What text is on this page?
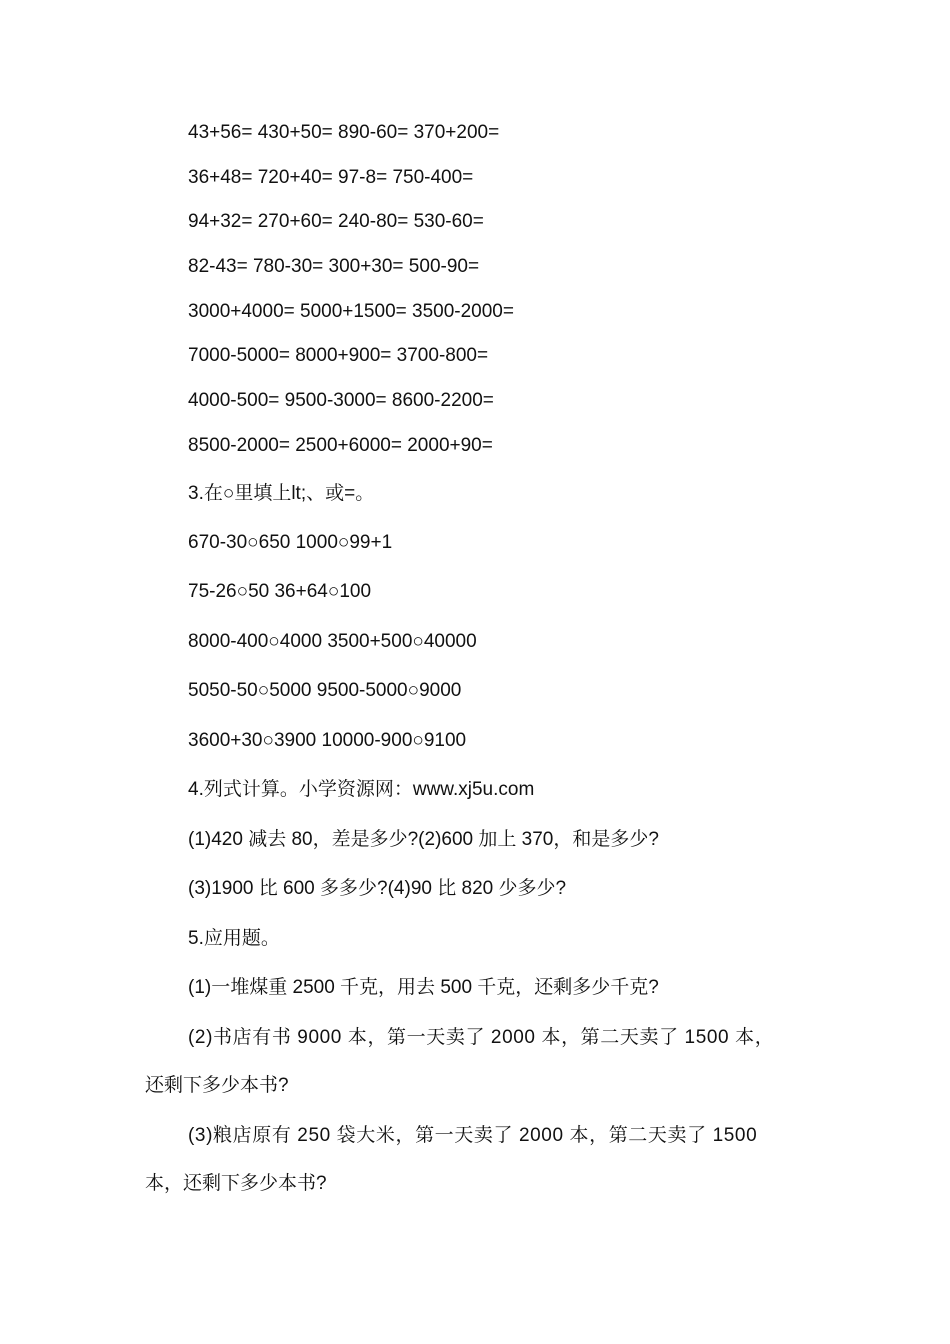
43+56= 430+50= 890-60= 370+200=
36+48= 720+40= 97-8= 750-400=
94+32= 270+60= 240-80= 530-60=
82-43= 780-30= 300+30= 500-90=
3000+4000= 5000+1500= 3500-2000=
7000-5000= 8000+900= 3700-800=
4000-500= 9500-3000= 8600-2200=
8500-2000= 2500+6000= 2000+90=
3.在○里填上lt;、或=。
670-30○650 1000○99+1
75-26○50 36+64○100
8000-400○4000 3500+500○40000
5050-50○5000 9500-5000○9000
3600+30○3900 10000-900○9100
4.列式计算。小学资源网：www.xj5u.com
(1)420 减去 80，差是多少?(2)600 加上 370，和是多少?
(3)1900 比 600 多多少?(4)90 比 820 少多少?
5.应用题。
(1)一堆煤重 2500 千克，用去 500 千克，还剩多少千克?
(2)书店有书 9000 本，第一天卖了 2000 本，第二天卖了 1500 本，
还剩下多少本书?
(3)粮店原有 250 袋大米，第一天卖了 2000 本，第二天卖了 1500
本，还剩下多少本书?
